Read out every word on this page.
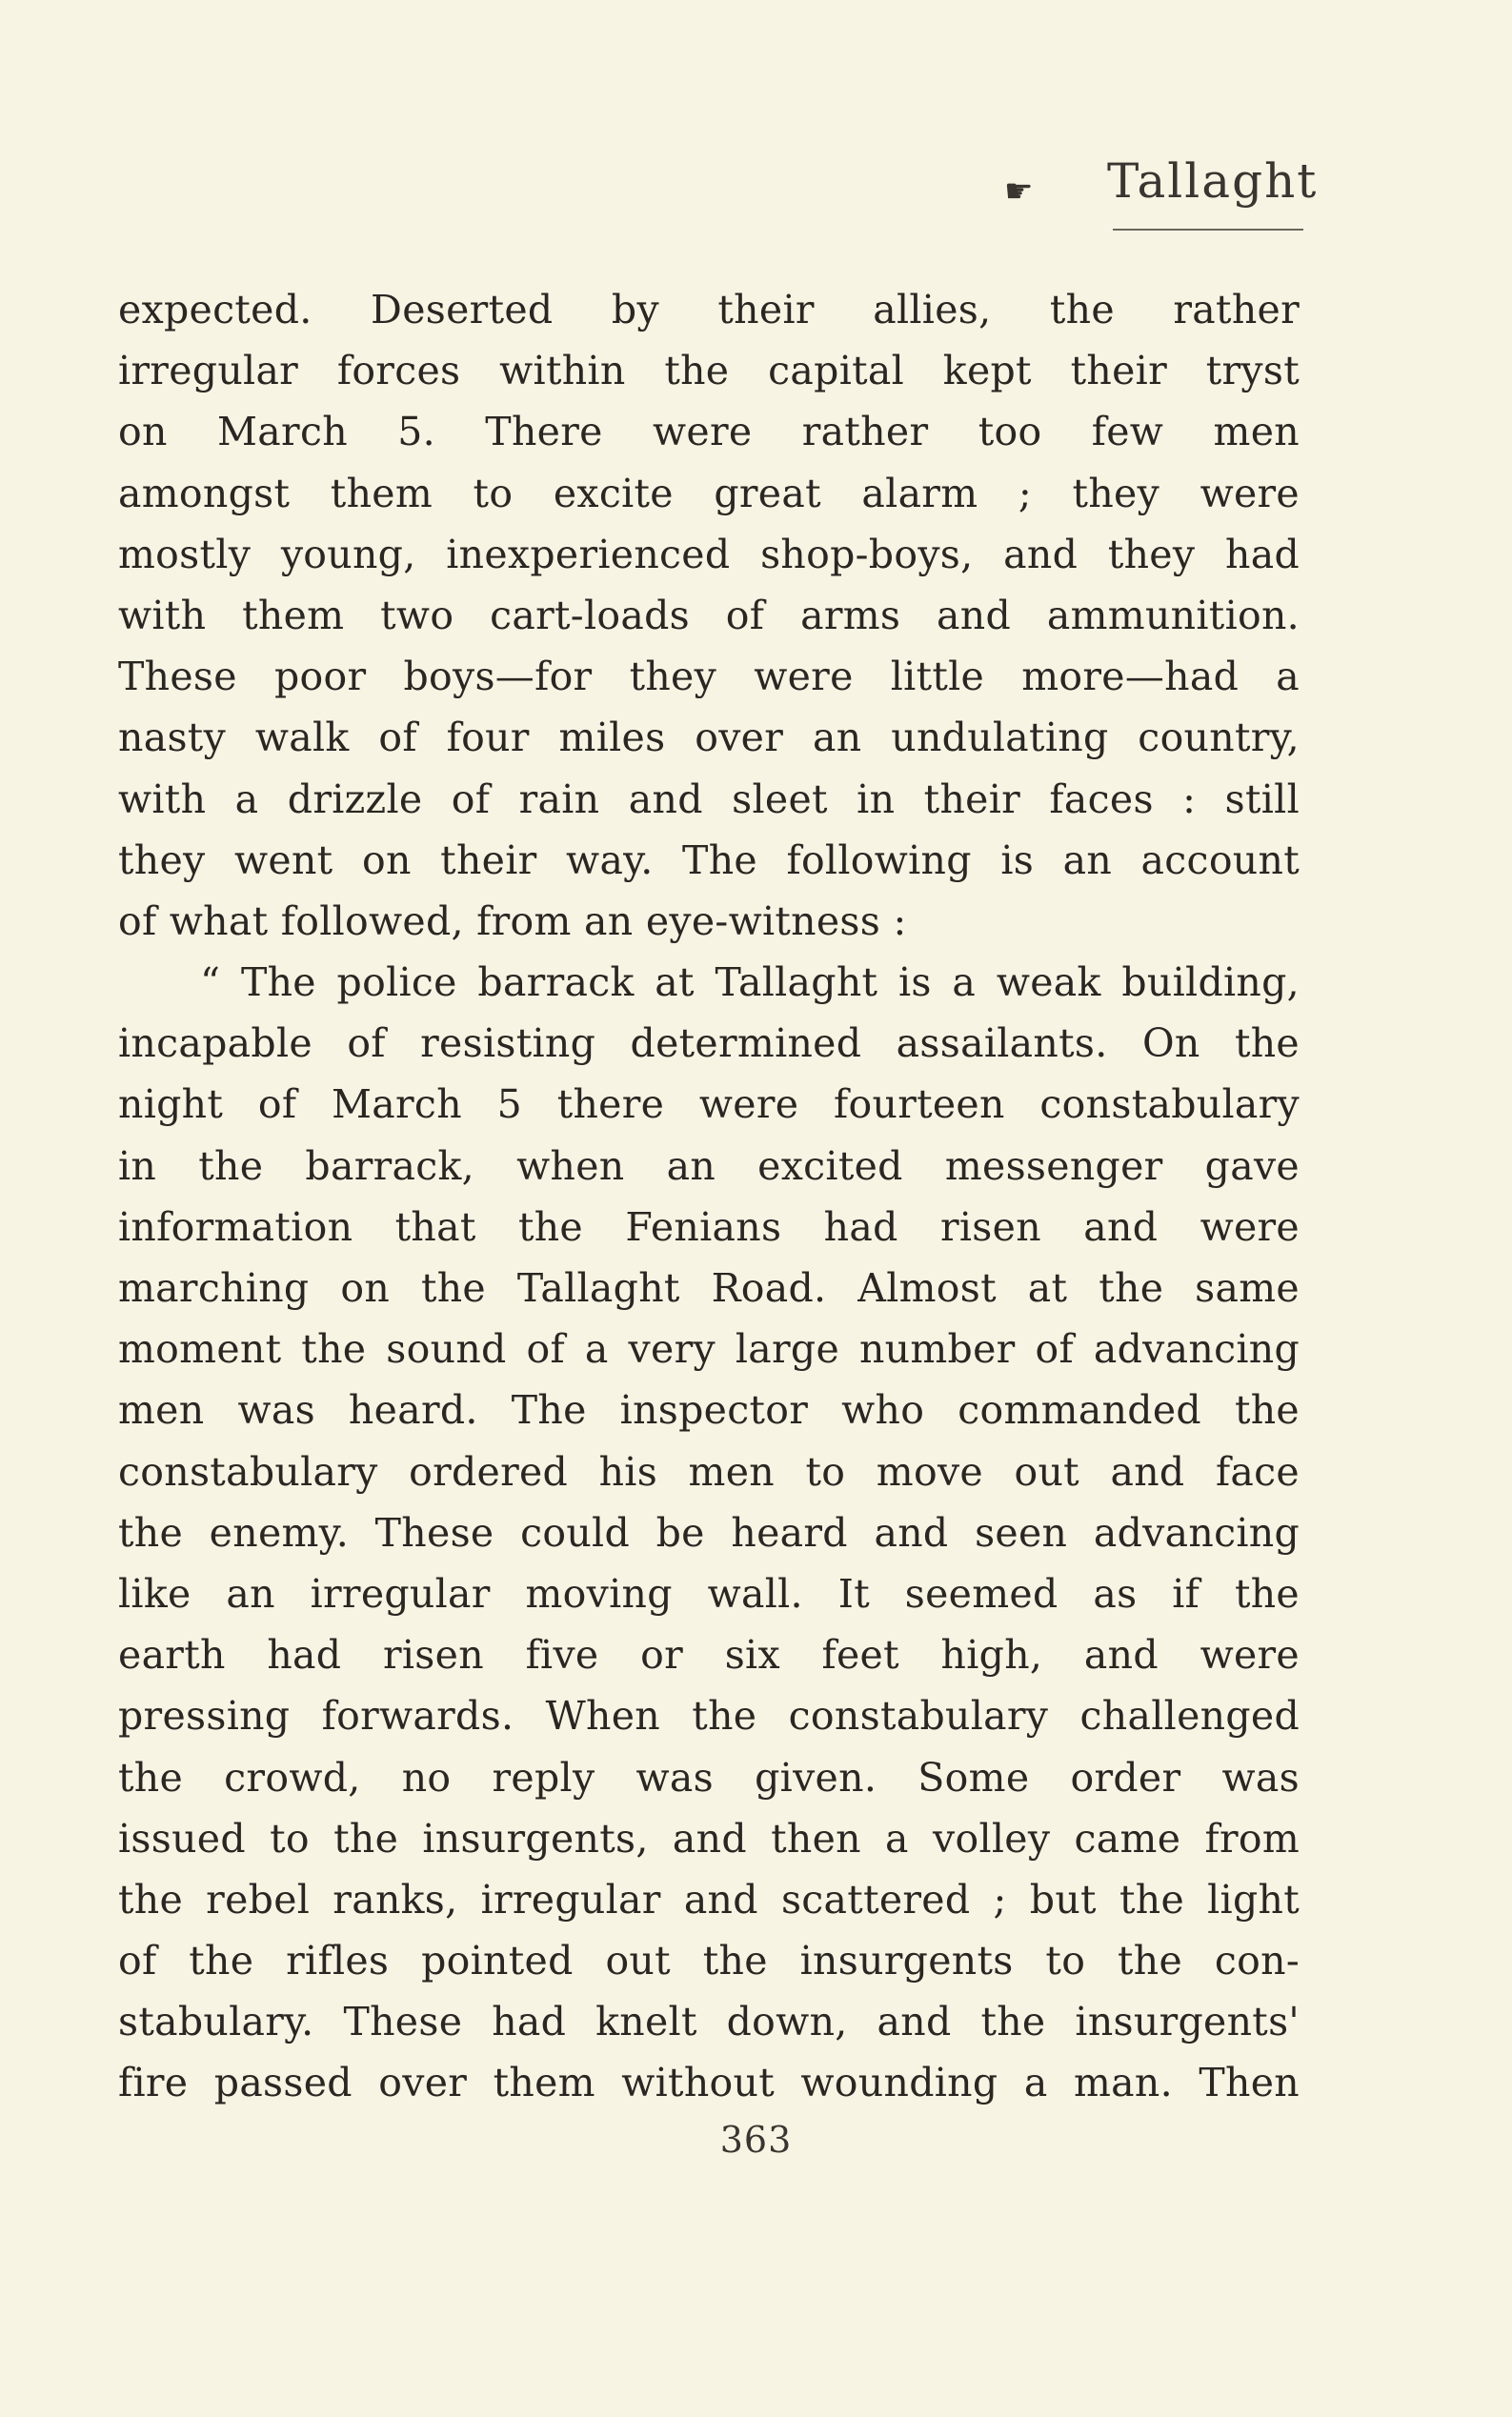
☛ Tallaght
expected. Deserted by their allies, the rather
irregular forces within the capital kept their tryst
on March 5. There were rather too few men
amongst them to excite great alarm ; they were
mostly young, inexperienced shop-boys, and they had
with them two cart-loads of arms and ammunition.
These poor boys—for they were little more—had a
nasty walk of four miles over an undulating country,
with a drizzle of rain and sleet in their faces : still
they went on their way. The following is an account
of what followed, from an eye-witness :
“ The police barrack at Tallaght is a weak building,
incapable of resisting determined assailants. On the
night of March 5 there were fourteen constabulary
in the barrack, when an excited messenger gave
information that the Fenians had risen and were
marching on the Tallaght Road. Almost at the same
moment the sound of a very large number of advancing
men was heard. The inspector who commanded the
constabulary ordered his men to move out and face
the enemy. These could be heard and seen advancing
like an irregular moving wall. It seemed as if the
earth had risen five or six feet high, and were
pressing forwards. When the constabulary challenged
the crowd, no reply was given. Some order was
issued to the insurgents, and then a volley came from
the rebel ranks, irregular and scattered ; but the light
of the rifles pointed out the insurgents to the con-
stabulary. These had knelt down, and the insurgents'
fire passed over them without wounding a man. Then
363
